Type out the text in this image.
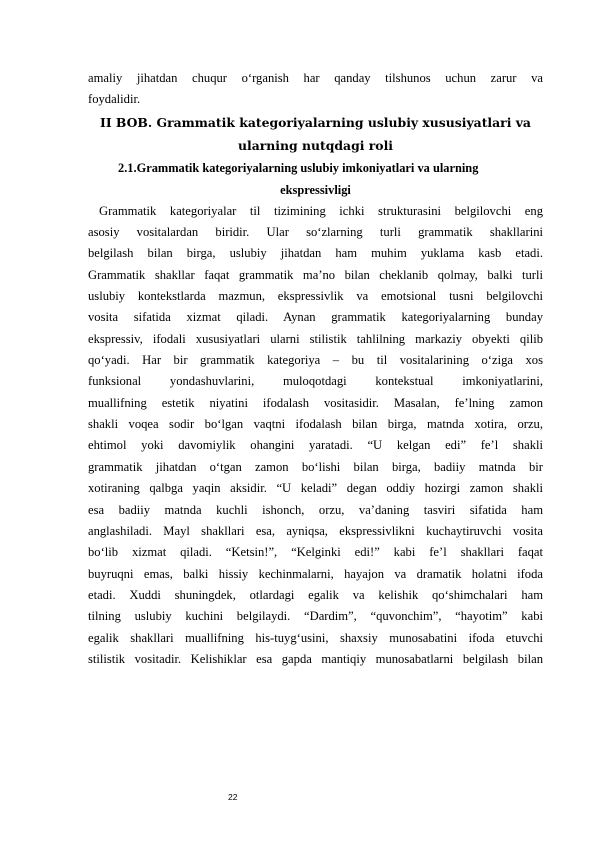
amaliy jihatdan chuqur o‘rganish har qanday tilshunos uchun zarur va

foydalidir.

II BOB. Grammatik kategoriyalarning uslubiy xususiyatlari va
ularning nutqdagi roli
2.1.Grammatik kategoriyalarning uslubiy imkoniyatlari va ularning
ekspressivligi

Grammatik kategoriyalar til tizimining ichki strukturasini belgilovchi eng

asosiy vositalardan biridir. Ular so‘zlarning turli grammatik shakllarini

belgilash bilan birga, uslubiy jihatdan ham muhim yuklama kasb etadi.

Grammatik shakllar faqat grammatik ma’no bilan cheklanib qolmay, balki turli

uslubiy kontekstlarda mazmun, ekspressivlik va emotsional tusni belgilovchi

vosita sifatida xizmat qiladi. Aynan grammatik kategoriyalarning bunday

ekspressiv, ifodali xususiyatlari ularni stilistik tahlilning markaziy obyekti qilib

qo‘yadi. Har bir grammatik kategoriya – bu til vositalarining o‘ziga xos

funksional yondashuvlarini, muloqotdagi kontekstual imkoniyatlarini,

muallifning estetik niyatini ifodalash vositasidir. Masalan, fe’lning zamon

shakli voqea sodir bo‘lgan vaqtni ifodalash bilan birga, matnda xotira, orzu,

ehtimol yoki davomiylik ohangini yaratadi. “U kelgan edi” fe’l shakli

grammatik jihatdan o‘tgan zamon bo‘lishi bilan birga, badiiy matnda bir

xotiraning qalbga yaqin aksidir. “U keladi” degan oddiy hozirgi zamon shakli

esa badiiy matnda kuchli ishonch, orzu, va’daning tasviri sifatida ham

anglashiladi. Mayl shakllari esa, ayniqsa, ekspressivlikni kuchaytiruvchi vosita

bo‘lib xizmat qiladi. “Ketsin!”, “Kelginki edi!” kabi fe’l shakllari faqat

buyruqni emas, balki hissiy kechinmalarni, hayajon va dramatik holatni ifoda

etadi. Xuddi shuningdek, otlardagi egalik va kelishik qo‘shimchalari ham

tilning uslubiy kuchini belgilaydi. “Dardim”, “quvonchim”, “hayotim” kabi

egalik shakllari muallifning his-tuyg‘usini, shaxsiy munosabatini ifoda etuvchi

stilistik vositadir. Kelishiklar esa gapda mantiqiy munosabatlarni belgilash bilan

22
